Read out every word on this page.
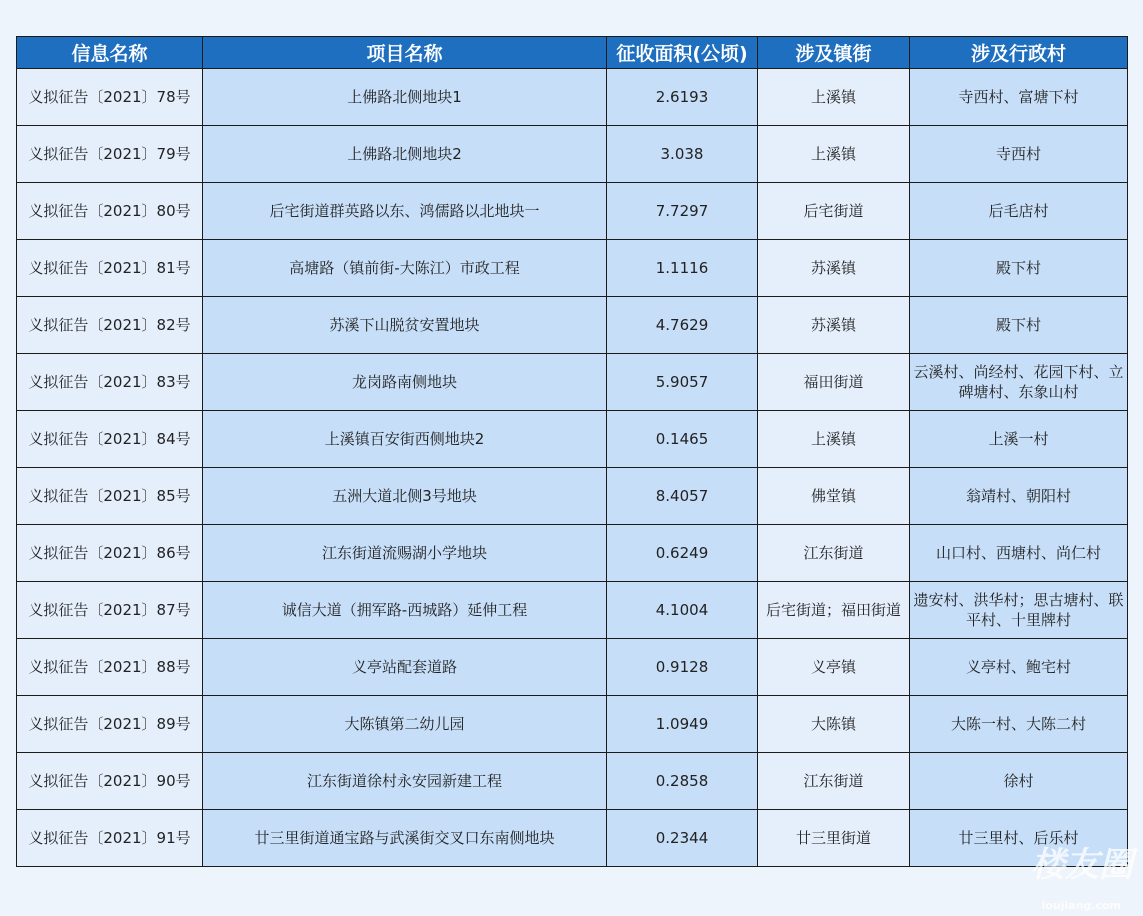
信息名称	项目名称	征收面积(公顷)	涉及镇街	涉及行政村
义拟征告〔2021〕78号	上佛路北侧地块1	2.6193	上溪镇	寺西村、富塘下村
义拟征告〔2021〕79号	上佛路北侧地块2	3.038	上溪镇	寺西村
义拟征告〔2021〕80号	后宅街道群英路以东、鸿儒路以北地块一	7.7297	后宅街道	后毛店村
义拟征告〔2021〕81号	高塘路（镇前街-大陈江）市政工程	1.1116	苏溪镇	殿下村
义拟征告〔2021〕82号	苏溪下山脱贫安置地块	4.7629	苏溪镇	殿下村
义拟征告〔2021〕83号	龙岗路南侧地块	5.9057	福田街道	云溪村、尚经村、花园下村、立碑塘村、东象山村
义拟征告〔2021〕84号	上溪镇百安街西侧地块2	0.1465	上溪镇	上溪一村
义拟征告〔2021〕85号	五洲大道北侧3号地块	8.4057	佛堂镇	翁靖村、朝阳村
义拟征告〔2021〕86号	江东街道流赐湖小学地块	0.6249	江东街道	山口村、西塘村、尚仁村
义拟征告〔2021〕87号	诚信大道（拥军路-西城路）延伸工程	4.1004	后宅街道；福田街道	遗安村、洪华村；思古塘村、联平村、十里牌村
义拟征告〔2021〕88号	义亭站配套道路	0.9128	义亭镇	义亭村、鲍宅村
义拟征告〔2021〕89号	大陈镇第二幼儿园	1.0949	大陈镇	大陈一村、大陈二村
义拟征告〔2021〕90号	江东街道徐村永安园新建工程	0.2858	江东街道	徐村
义拟征告〔2021〕91号	廿三里街道通宝路与武溪街交叉口东南侧地块	0.2344	廿三里街道	廿三里村、后乐村
楼友圈
loujiang.com
